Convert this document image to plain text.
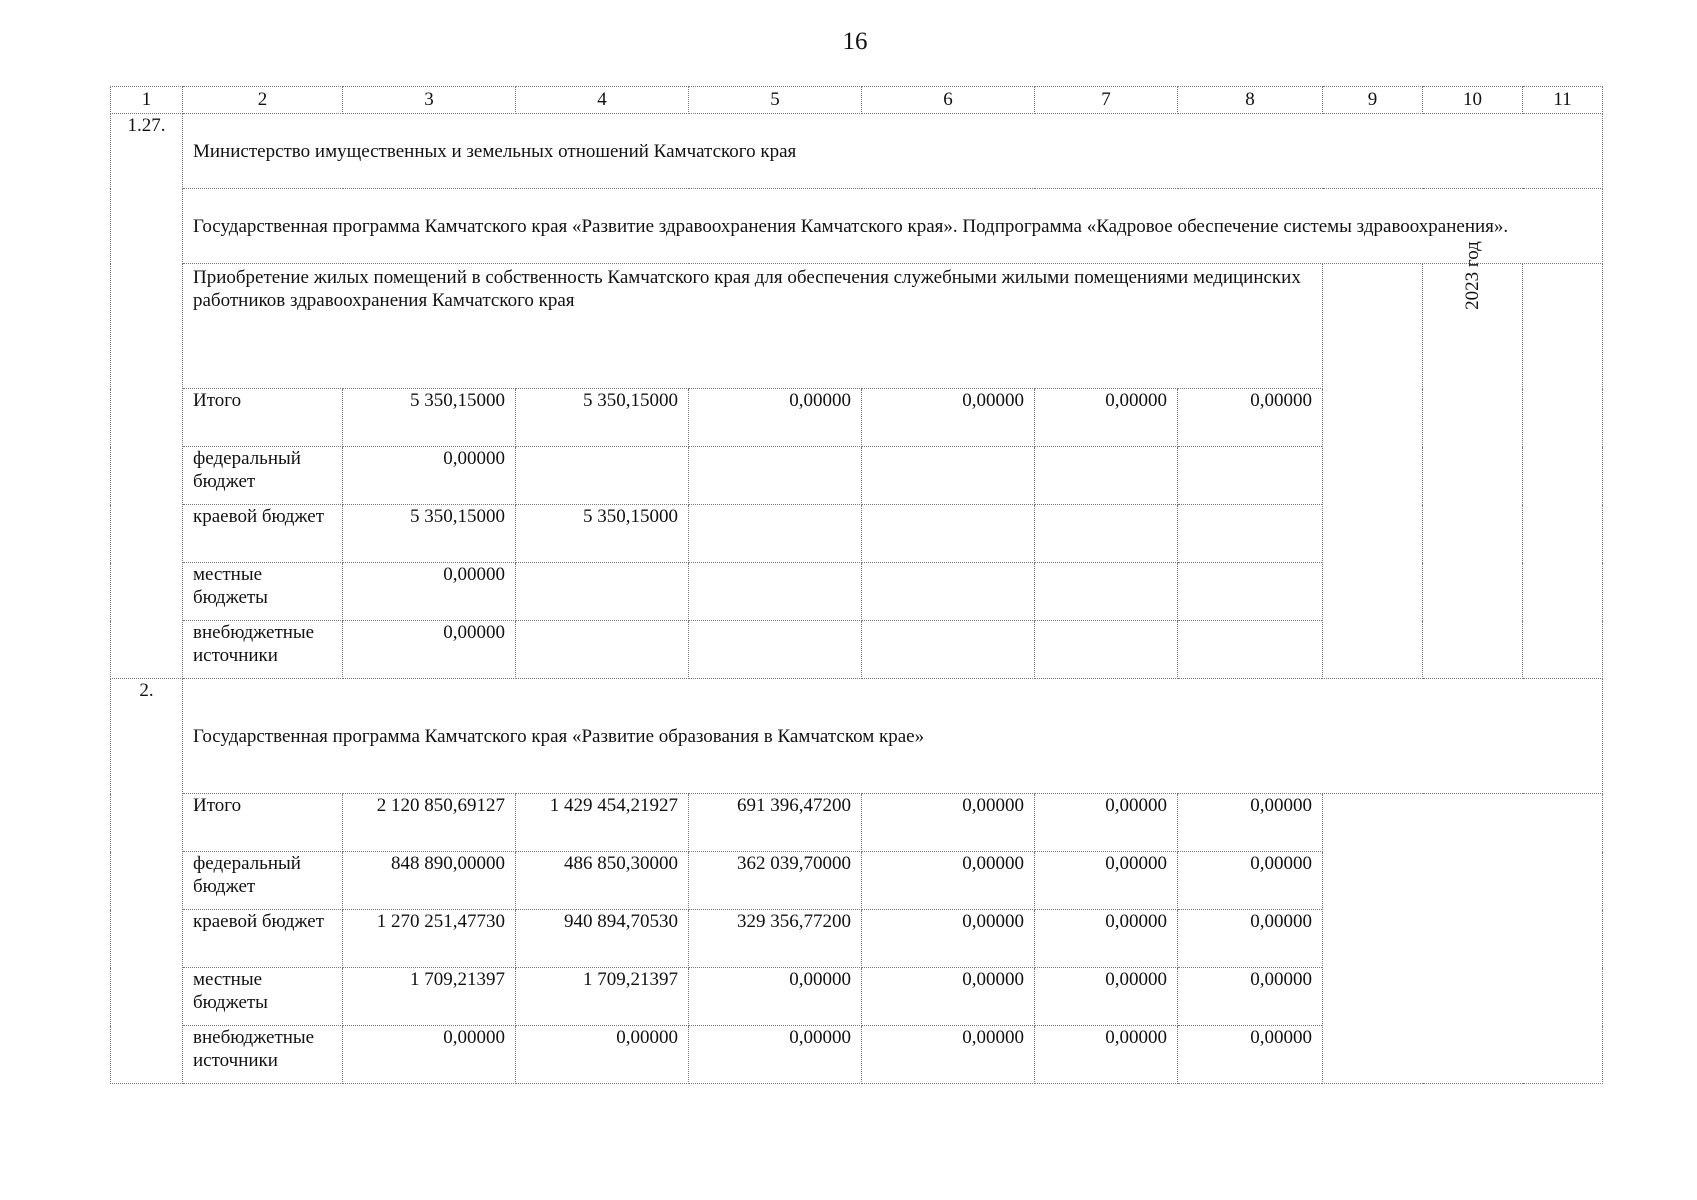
16
1	2	3	4	5	6	7	8	9	10	11
1.27.	Министерство имущественных и земельных отношений Камчатского края									
	Государственная программа Камчатского края «Развитие здравоохранения Камчатского края». Подпрограмма «Кадровое обеспечение системы здравоохранения».									
	Приобретение жилых помещений в собственность Камчатского края для обеспечения служебными жилыми помещениями медицинских работников здравоохранения Камчатского края								2023 год	
	Итого	5 350,15000	5 350,15000	0,00000	0,00000	0,00000	0,00000			
	федеральный бюджет	0,00000								
	краевой бюджет	5 350,15000	5 350,15000							
	местные бюджеты	0,00000								
	внебюджетные источники	0,00000								
2.	Государственная программа Камчатского края «Развитие образования в Камчатском крае»									
	Итого	2 120 850,69127	1 429 454,21927	691 396,47200	0,00000	0,00000	0,00000			
	федеральный бюджет	848 890,00000	486 850,30000	362 039,70000	0,00000	0,00000	0,00000			
	краевой бюджет	1 270 251,47730	940 894,70530	329 356,77200	0,00000	0,00000	0,00000			
	местные бюджеты	1 709,21397	1 709,21397	0,00000	0,00000	0,00000	0,00000			
	внебюджетные источники	0,00000	0,00000	0,00000	0,00000	0,00000	0,00000			
